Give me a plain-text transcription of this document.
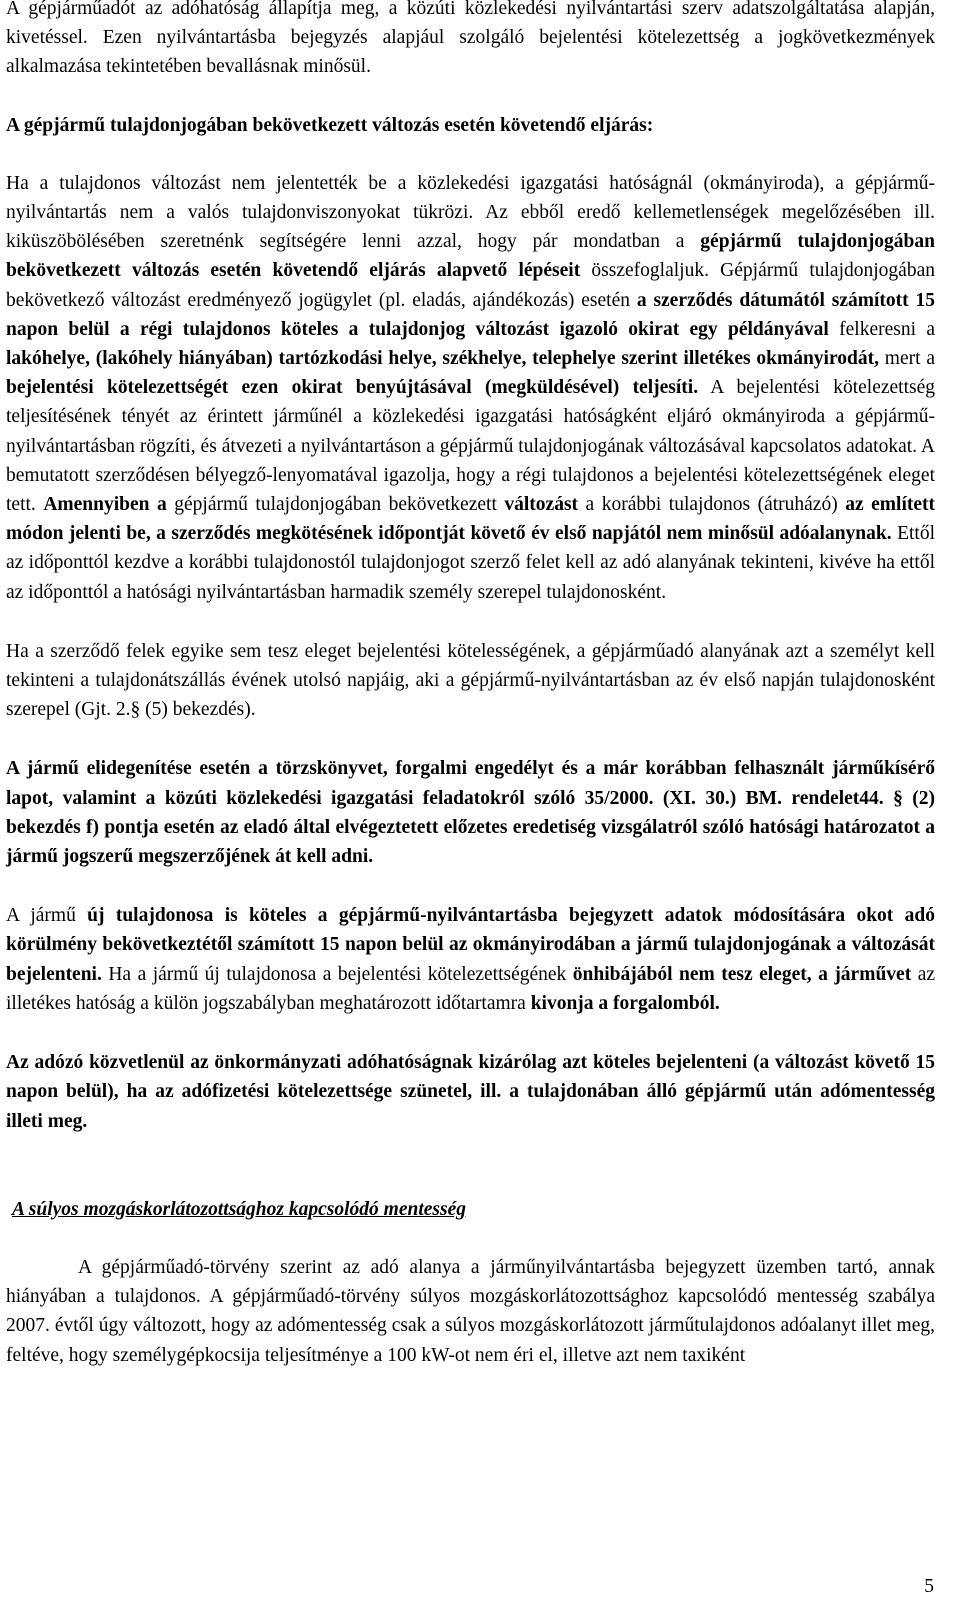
A gépjárműadót az adóhatóság állapítja meg, a közúti közlekedési nyilvántartási szerv adatszolgáltatása alapján, kivetéssel. Ezen nyilvántartásba bejegyzés alapjául szolgáló bejelentési kötelezettség a jogkövetkezmények alkalmazása tekintetében bevallásnak minősül.

A gépjármű tulajdonjogában bekövetkezett változás esetén követendő eljárás:

Ha a tulajdonos változást nem jelentették be a közlekedési igazgatási hatóságnál (okmányiroda), a gépjármű-nyilvántartás nem a valós tulajdonviszonyokat tükrözi. Az ebből eredő kellemetlenségek megelőzésében ill. kiküszöbölésében szeretnénk segítségére lenni azzal, hogy pár mondatban a gépjármű tulajdonjogában bekövetkezett változás esetén követendő eljárás alapvető lépéseit összefoglaljuk. Gépjármű tulajdonjogában bekövetkező változást eredményező jogügylet (pl. eladás, ajándékozás) esetén a szerződés dátumától számított 15 napon belül a régi tulajdonos köteles a tulajdonjog változást igazoló okirat egy példányával felkeresni a lakóhelye, (lakóhely hiányában) tartózkodási helye, székhelye, telephelye szerint illetékes okmányirodát, mert a bejelentési kötelezettségét ezen okirat benyújtásával (megküldésével) teljesíti. A bejelentési kötelezettség teljesítésének tényét az érintett járműnél a közlekedési igazgatási hatóságként eljáró okmányiroda a gépjármű-nyilvántartásban rögzíti, és átvezeti a nyilvántartáson a gépjármű tulajdonjogának változásával kapcsolatos adatokat. A bemutatott szerződésen bélyegző-lenyomatával igazolja, hogy a régi tulajdonos a bejelentési kötelezettségének eleget tett. Amennyiben a gépjármű tulajdonjogában bekövetkezett változást a korábbi tulajdonos (átruházó) az említett módon jelenti be, a szerződés megkötésének időpontját követő év első napjától nem minősül adóalanynak. Ettől az időponttól kezdve a korábbi tulajdonostól tulajdonjogot szerző felet kell az adó alanyának tekinteni, kivéve ha ettől az időponttól a hatósági nyilvántartásban harmadik személy szerepel tulajdonosként.

Ha a szerződő felek egyike sem tesz eleget bejelentési kötelességének, a gépjárműadó alanyának azt a személyt kell tekinteni a tulajdonátszállás évének utolsó napjáig, aki a gépjármű-nyilvántartásban az év első napján tulajdonosként szerepel (Gjt. 2.§ (5) bekezdés).

A jármű elidegenítése esetén a törzskönyvet, forgalmi engedélyt és a már korábban felhasznált járműkísérő lapot, valamint a közúti közlekedési igazgatási feladatokról szóló 35/2000. (XI. 30.) BM. rendelet44. § (2) bekezdés f) pontja esetén az eladó által elvégeztetett előzetes eredetiség vizsgálatról szóló hatósági határozatot a jármű jogszerű megszerzőjének át kell adni.

A jármű új tulajdonosa is köteles a gépjármű-nyilvántartásba bejegyzett adatok módosítására okot adó körülmény bekövetkeztétől számított 15 napon belül az okmányirodában a jármű tulajdonjogának a változását bejelenteni. Ha a jármű új tulajdonosa a bejelentési kötelezettségének önhibájából nem tesz eleget, a járművet az illetékes hatóság a külön jogszabályban meghatározott időtartamra kivonja a forgalomból.

Az adózó közvetlenül az önkormányzati adóhatóságnak kizárólag azt köteles bejelenteni (a változást követő 15 napon belül), ha az adófizetési kötelezettsége szünetel, ill. a tulajdonában álló gépjármű után adómentesség illeti meg.

A súlyos mozgáskorlátozottsághoz kapcsolódó mentesség

A gépjárműadó-törvény szerint az adó alanya a járműnyilvántartásba bejegyzett üzemben tartó, annak hiányában a tulajdonos. A gépjárműadó-törvény súlyos mozgáskorlátozottsághoz kapcsolódó mentesség szabálya 2007. évtől úgy változott, hogy az adómentesség csak a súlyos mozgáskorlátozott járműtulajdonos adóalanyt illet meg, feltéve, hogy személygépkocsija teljesítménye a 100 kW-ot nem éri el, illetve azt nem taxiként

5
